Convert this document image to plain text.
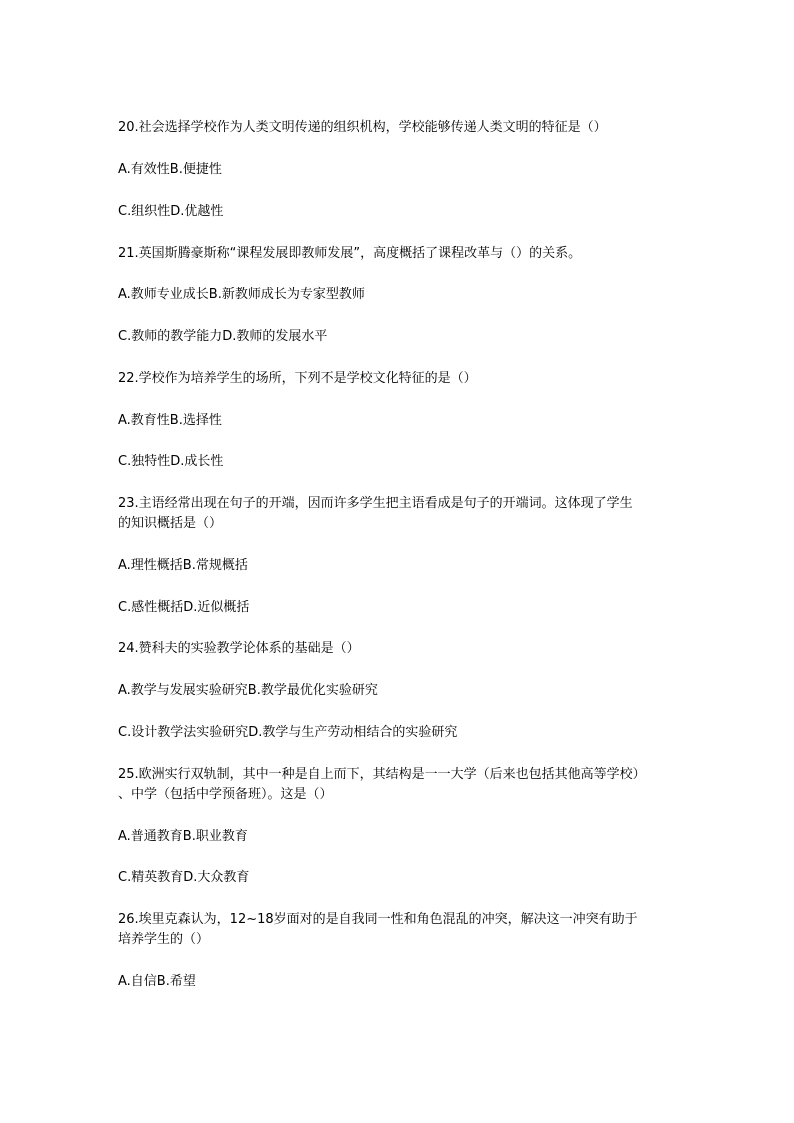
20.社会选择学校作为人类文明传递的组织机构，学校能够传递人类文明的特征是（）
A.有效性B.便捷性
C.组织性D.优越性
21.英国斯腾豪斯称“课程发展即教师发展”，高度概括了课程改革与（）的关系。
A.教师专业成长B.新教师成长为专家型教师
C.教师的教学能力D.教师的发展水平
22.学校作为培养学生的场所，下列不是学校文化特征的是（）
A.教育性B.选择性
C.独特性D.成长性
23.主语经常出现在句子的开端，因而许多学生把主语看成是句子的开端词。这体现了学生
的知识概括是（）
A.理性概括B.常规概括
C.感性概括D.近似概括
24.赞科夫的实验教学论体系的基础是（）
A.教学与发展实验研究B.教学最优化实验研究
C.设计教学法实验研究D.教学与生产劳动相结合的实验研究
25.欧洲实行双轨制，其中一种是自上而下，其结构是一一大学（后来也包括其他高等学校）
、中学（包括中学预备班）。这是（）
A.普通教育B.职业教育
C.精英教育D.大众教育
26.埃里克森认为，12~18岁面对的是自我同一性和角色混乱的冲突，解决这一冲突有助于
培养学生的（）
A.自信B.希望
